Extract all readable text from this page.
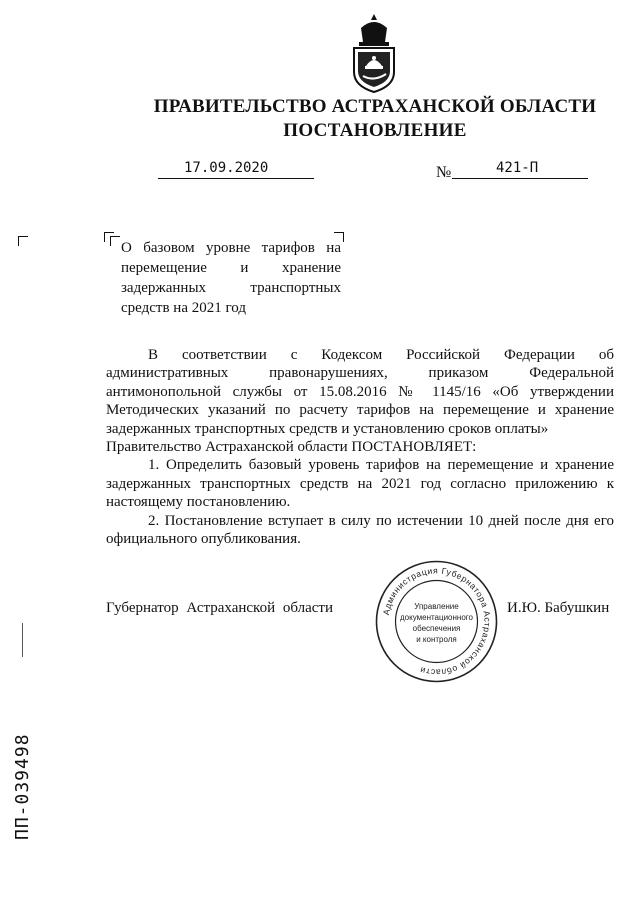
ПРАВИТЕЛЬСТВО АСТРАХАНСКОЙ ОБЛАСТИ
ПОСТАНОВЛЕНИЕ
17.09.2020	№	421-П
О базовом уровне тарифов на перемещение и хранение задержанных транспортных средств на 2021 год

В соответствии с Кодексом Российской Федерации об административных правонарушениях, приказом Федеральной антимонопольной службы от 15.08.2016 № 1145/16 «Об утверждении Методических указаний по расчету тарифов на перемещение и хранение задержанных транспортных средств и установлению сроков оплаты»

Правительство Астраханской области ПОСТАНОВЛЯЕТ:

1. Определить базовый уровень тарифов на перемещение и хранение задержанных транспортных средств на 2021 год согласно приложению к настоящему постановлению.

2. Постановление вступает в силу по истечении 10 дней после дня его официального опубликования.

Губернатор Астраханской области	И.Ю. Бабушкин
Администрация Губернатора Астраханской области
Управление
документационного
обеспечения
и контроля
ПП-039498
